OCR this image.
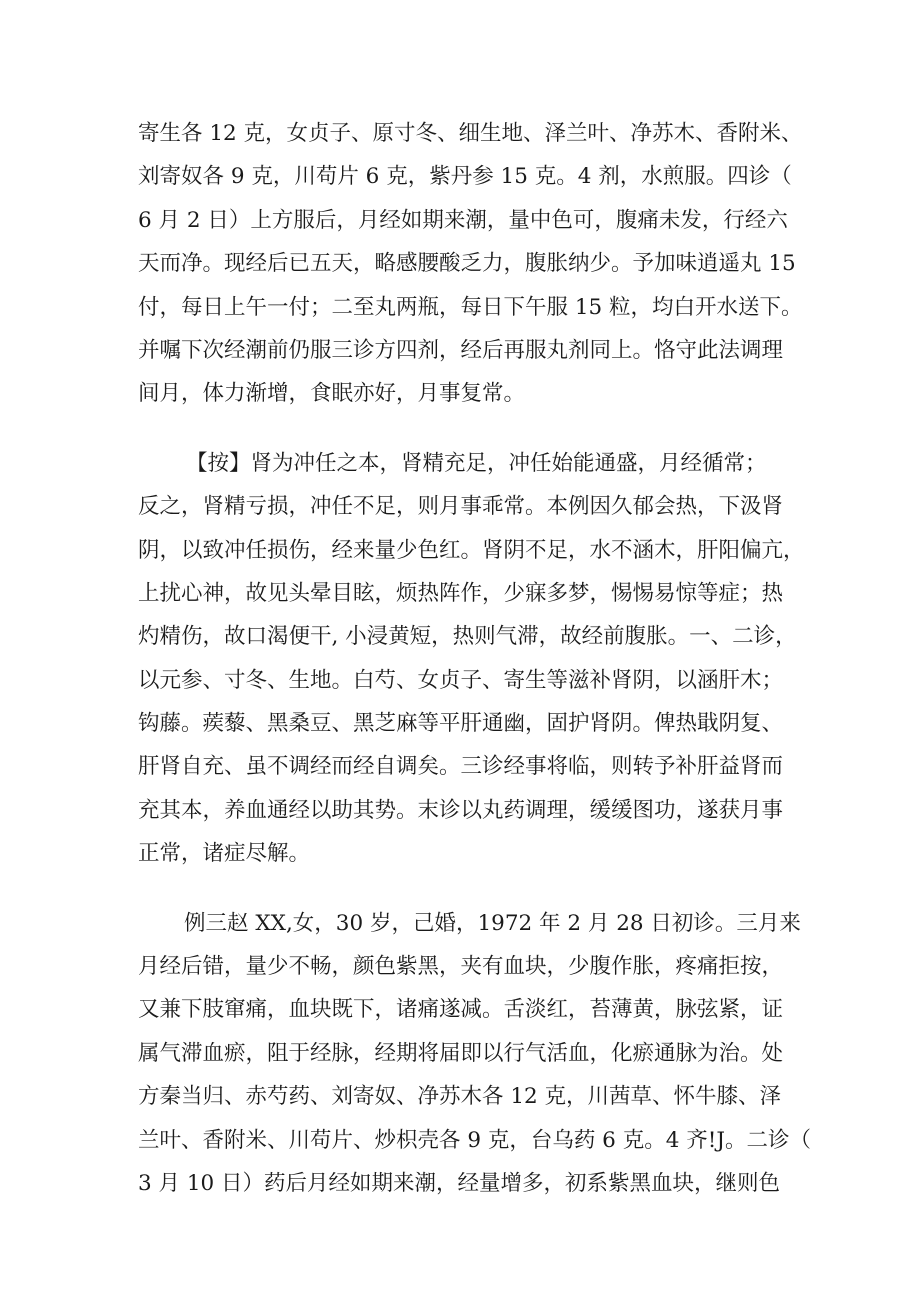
寄生各 12 克，女贞子、原寸冬、细生地、泽兰叶、净苏木、香附米、
刘寄奴各 9 克，川苟片 6 克，紫丹参 15 克。4 剂，水煎服。四诊（
6 月 2 日）上方服后，月经如期来潮，量中色可，腹痛未发，行经六
天而净。现经后已五天，略感腰酸乏力，腹胀纳少。予加味逍遥丸 15
付，每日上午一付；二至丸两瓶，每日下午服 15 粒，均白开水送下。
并嘱下次经潮前仍服三诊方四剂，经后再服丸剂同上。恪守此法调理
间月，体力渐增，食眠亦好，月事复常。
【按】肾为冲任之本，肾精充足，冲任始能通盛，月经循常；
反之，肾精亏损，冲任不足，则月事乖常。本例因久郁会热，下汲肾
阴，以致冲任损伤，经来量少色红。肾阴不足，水不涵木，肝阳偏亢，
上扰心神，故见头晕目眩，烦热阵作，少寐多梦，惕惕易惊等症；热
灼精伤，故口渴便干, 小浸黄短，热则气滞，故经前腹胀。一、二诊，
以元参、寸冬、生地。白芍、女贞子、寄生等滋补肾阴，以涵肝木；
钩藤。蒺藜、黑桑豆、黑芝麻等平肝通幽，固护肾阴。俾热戢阴复、
肝肾自充、虽不调经而经自调矣。三诊经事将临，则转予补肝益肾而
充其本，养血通经以助其势。末诊以丸药调理，缓缓图功，遂获月事
正常，诸症尽解。
例三赵 XX,女，30 岁，己婚，1972 年 2 月 28 日初诊。三月来
月经后错，量少不畅，颜色紫黑，夹有血块，少腹作胀，疼痛拒按，
又兼下肢窜痛，血块既下，诸痛遂减。舌淡红，苔薄黄，脉弦紧，证
属气滞血瘀，阻于经脉，经期将届即以行气活血，化瘀通脉为治。处
方秦当归、赤芍药、刘寄奴、净苏木各 12 克，川茜草、怀牛膝、泽
兰叶、香附米、川苟片、炒枳壳各 9 克，台乌药 6 克。4 齐!J。二诊（
3 月 10 日）药后月经如期来潮，经量增多，初系紫黑血块，继则色
